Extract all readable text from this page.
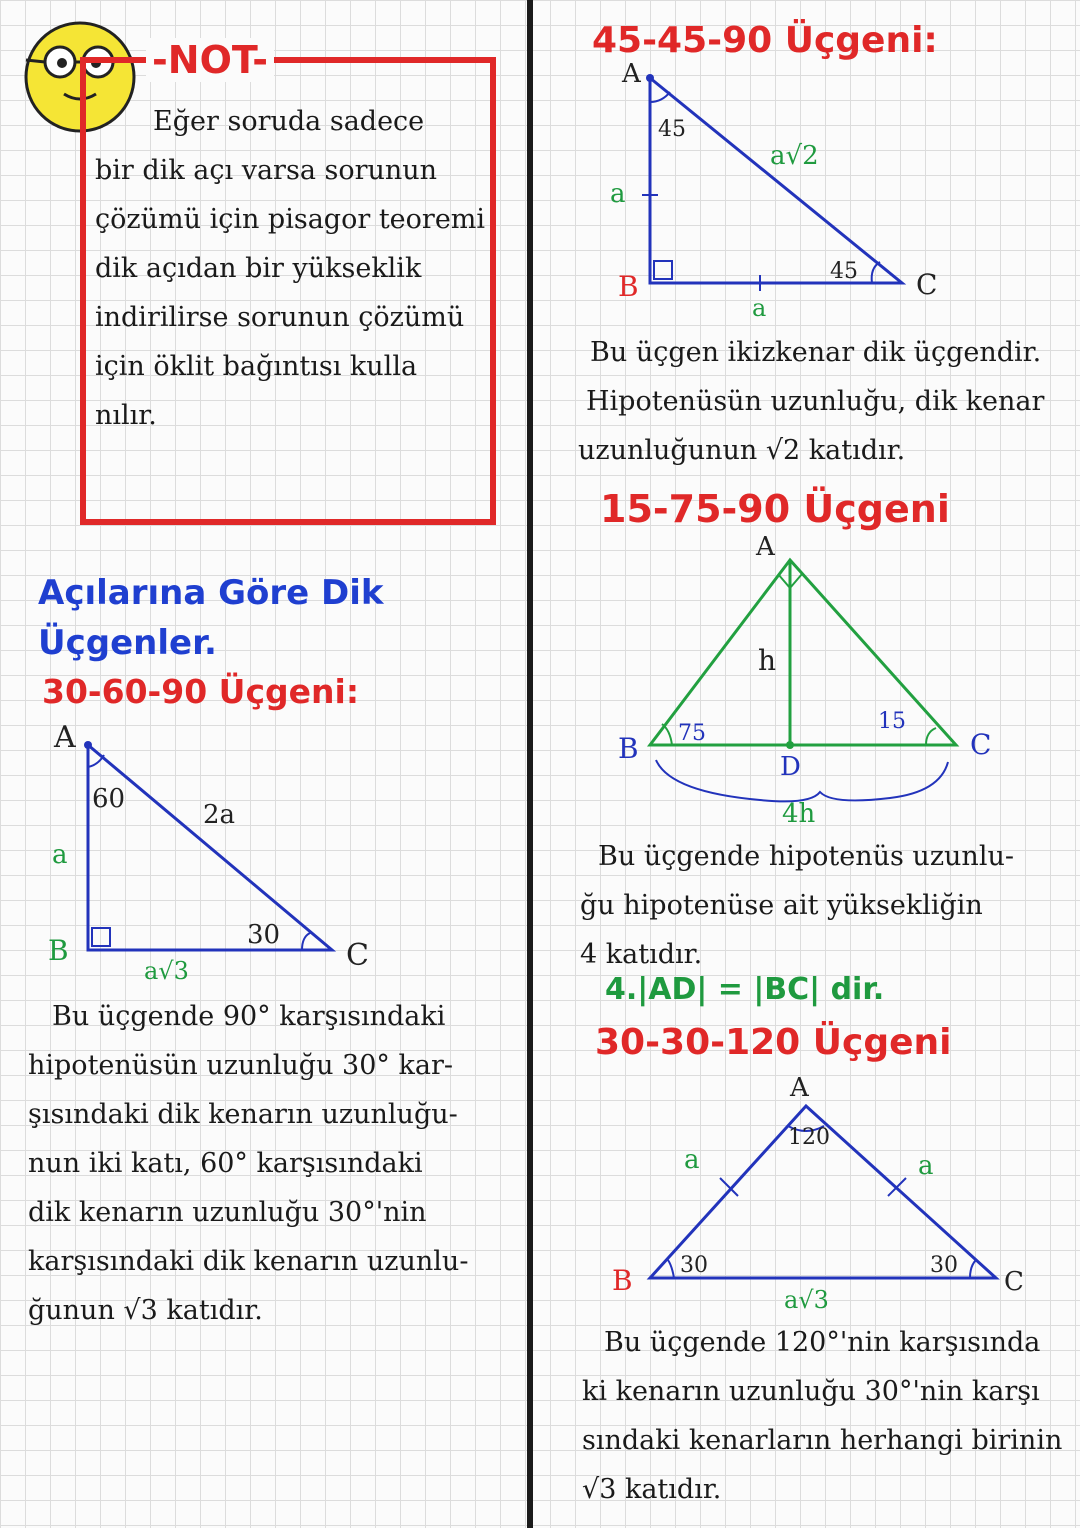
-NOT-
Eğer soruda sadece
bir dik açı varsa sorunun
çözümü için pisagor teoremi
dik açıdan bir yükseklik
indirilirse sorunun çözümü
için öklit bağıntısı kulla
nılır.
Açılarına Göre Dik
Üçgenler.
30-60-90 Üçgeni:
A
B	C
60
30
2a
a
a√3
Bu üçgende 90° karşısındaki
hipotenüsün uzunluğu 30° kar-
şısındaki dik kenarın uzunluğu-
nun iki katı, 60° karşısındaki
dik kenarın uzunluğu 30°'nin
karşısındaki dik kenarın uzunlu-
ğunun √3 katıdır.
45-45-90 Üçgeni:
A
B	C
45
45
a√2
a
a
Bu üçgen ikizkenar dik üçgendir.
Hipotenüsün uzunluğu, dik kenar
uzunluğunun √2 katıdır.
15-75-90 Üçgeni
A
B	C
D
75	15
h
4h
Bu üçgende hipotenüs uzunlu-
ğu hipotenüse ait yüksekliğin
4 katıdır.
4.|AD| = |BC| dir.
30-30-120 Üçgeni
A
B	C
120
30	30
a	a
a√3
Bu üçgende 120°'nin karşısında
ki kenarın uzunluğu 30°'nin karşı
sındaki kenarların herhangi birinin
√3 katıdır.
